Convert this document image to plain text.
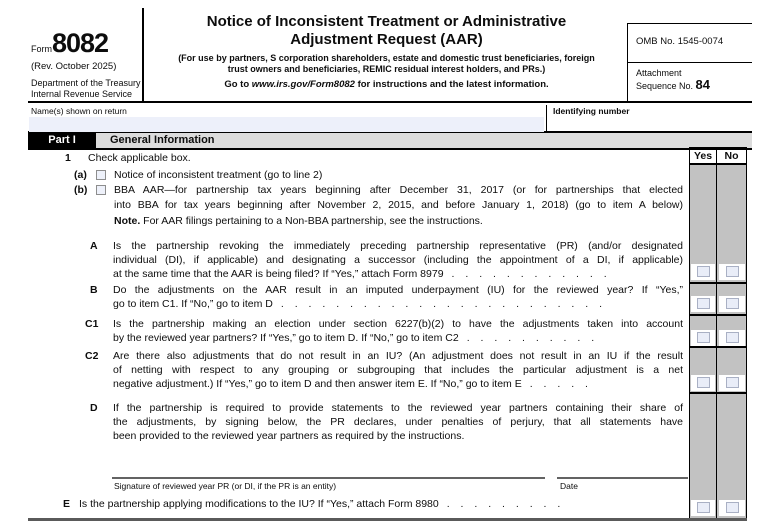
Form8082
(Rev. October 2025)
Department of the Treasury
Internal Revenue Service
Notice of Inconsistent Treatment or Administrative
Adjustment Request (AAR)
(For use by partners, S corporation shareholders, estate and domestic trust beneficiaries, foreign
trust owners and beneficiaries, REMIC residual interest holders, and PRs.)
Go to www.irs.gov/Form8082 for instructions and the latest information.
OMB No. 1545-0074
Attachment
Sequence No. 84
Name(s) shown on return	Identifying number
Part I	General Information
1 Check applicable box.
(a)	Notice of inconsistent treatment (go to line 2)
(b)	BBA AAR—for partnership tax years beginning after December 31, 2017 (or for partnerships that elected
into BBA for tax years beginning after November 2, 2015, and before January 1, 2018) (go to item A below)
Note. For AAR filings pertaining to a Non-BBA partnership, see the instructions.
A Is the partnership revoking the immediately preceding partnership representative (PR) (and/or designated
individual (DI), if applicable) and designating a successor (including the appointment of a DI, if applicable)
at the same time that the AAR is being filed? If “Yes,” attach Form 8979 . . . . . . . . . . . .
B Do the adjustments on the AAR result in an imputed underpayment (IU) for the reviewed year? If “Yes,”
go to item C1. If “No,” go to item D . . . . . . . . . . . . . . . . . . . . . . . .
C1 Is the partnership making an election under section 6227(b)(2) to have the adjustments taken into account
by the reviewed year partners? If “Yes,” go to item D. If “No,” go to item C2 . . . . . . . . . .
C2 Are there also adjustments that do not result in an IU? (An adjustment does not result in an IU if the result
of netting with respect to any grouping or subgrouping that includes the particular adjustment is a net
negative adjustment.) If “Yes,” go to item D and then answer item E. If “No,” go to item E . . . . .
D If the partnership is required to provide statements to the reviewed year partners containing their share of
the adjustments, by signing below, the PR declares, under penalties of perjury, that all statements have
been provided to the reviewed year partners as required by the instructions.
Signature of reviewed year PR (or DI, if the PR is an entity)	Date
E Is the partnership applying modifications to the IU? If “Yes,” attach Form 8980 . . . . . . . . .
Yes	No
